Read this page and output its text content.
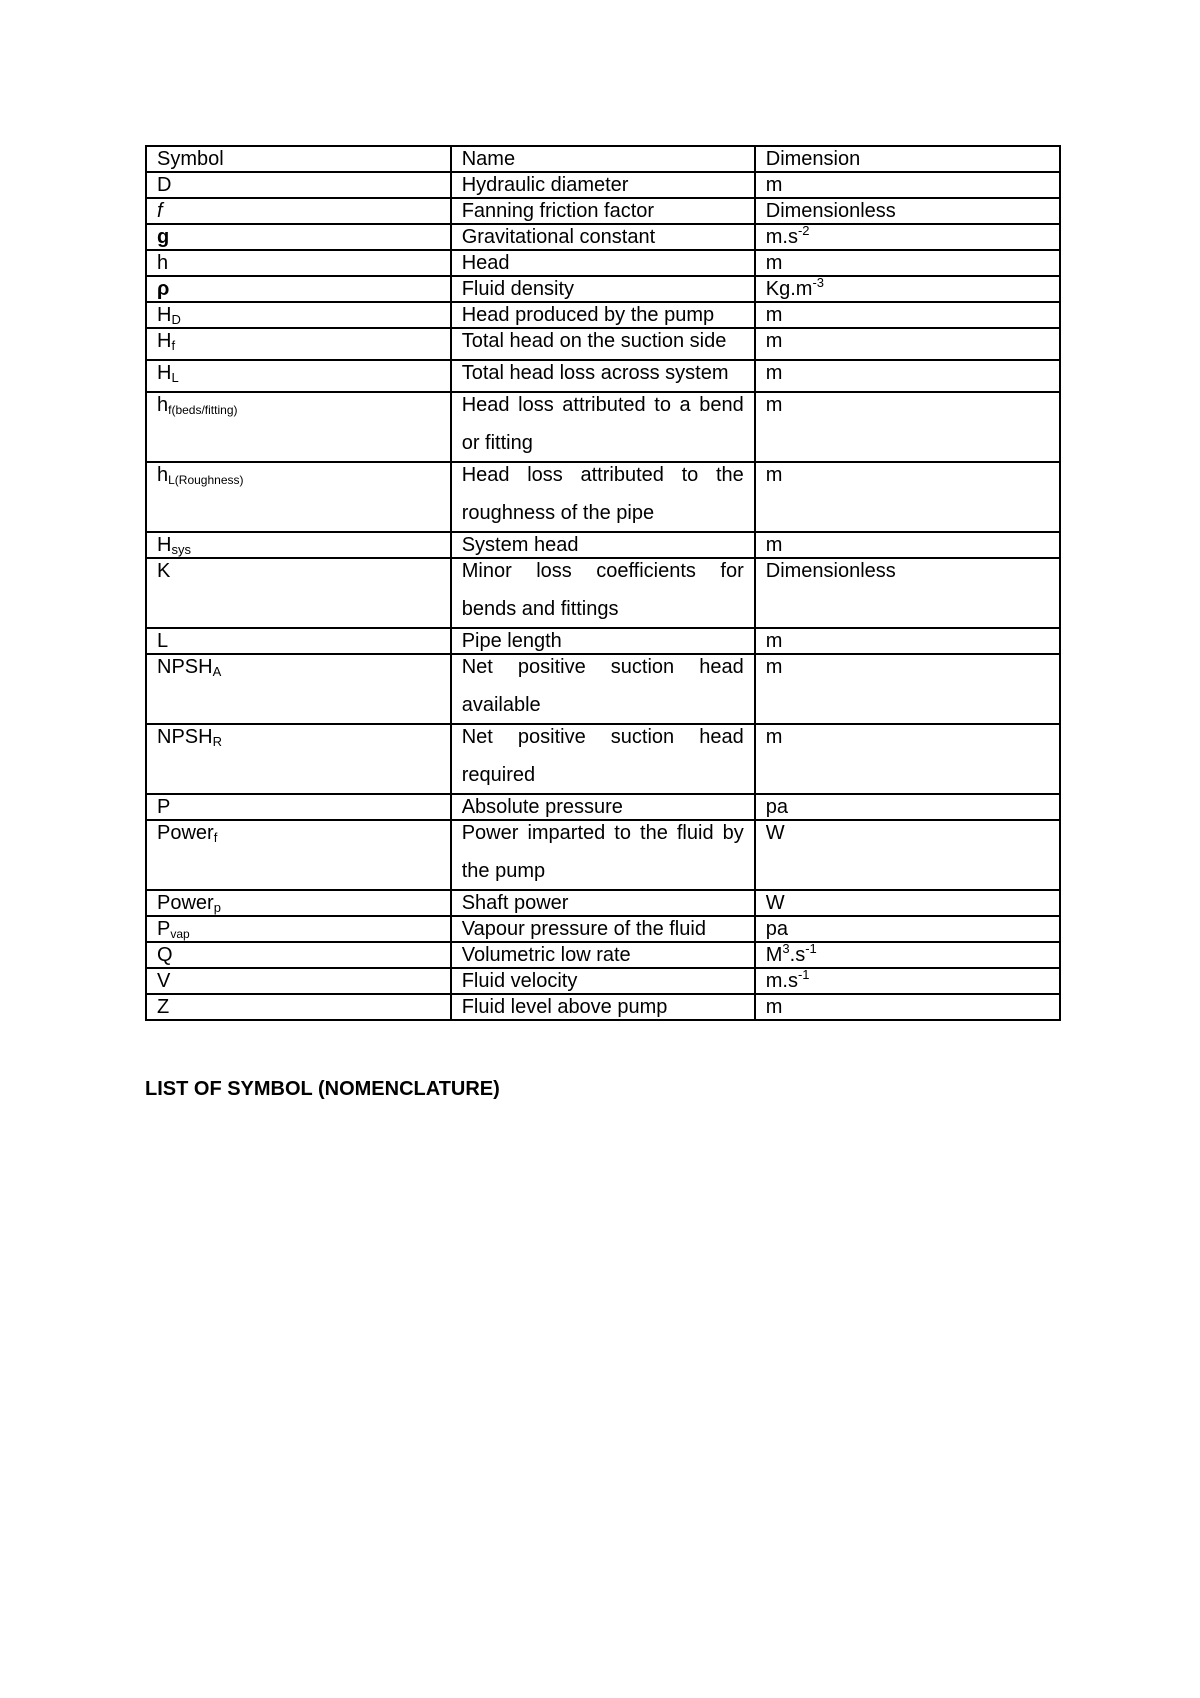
Symbol	Name	Dimension
D	Hydraulic diameter	m
f	Fanning friction factor	Dimensionless
g	Gravitational constant	$m.s^{-2}$
h	Head	m
ρ	Fluid density	$Kg.m^{-3}$
$H_D$	Head produced by the pump	m
$H_f$	Total head on the suction side	m
$H_L$	Total head loss across system	m
$h_{f(beds/fitting)}$	Head loss attributed to a bend or fitting	m
$h_{L(Roughness)}$	Head loss attributed to the roughness of the pipe	m
$H_{sys}$	System head	m
K	Minor loss coefficients for bends and fittings	Dimensionless
L	Pipe length	m
$NPSH_A$	Net positive suction head available	m
$NPSH_R$	Net positive suction head required	m
P	Absolute pressure	pa
Power$_f$	Power imparted to the fluid by the pump	W
Power$_p$	Shaft power	W
$P_{vap}$	Vapour pressure of the fluid	pa
Q	Volumetric low rate	$M^3.s^{-1}$
V	Fluid velocity	$m.s^{-1}$
Z	Fluid level above pump	m
LIST OF SYMBOL (NOMENCLATURE)
